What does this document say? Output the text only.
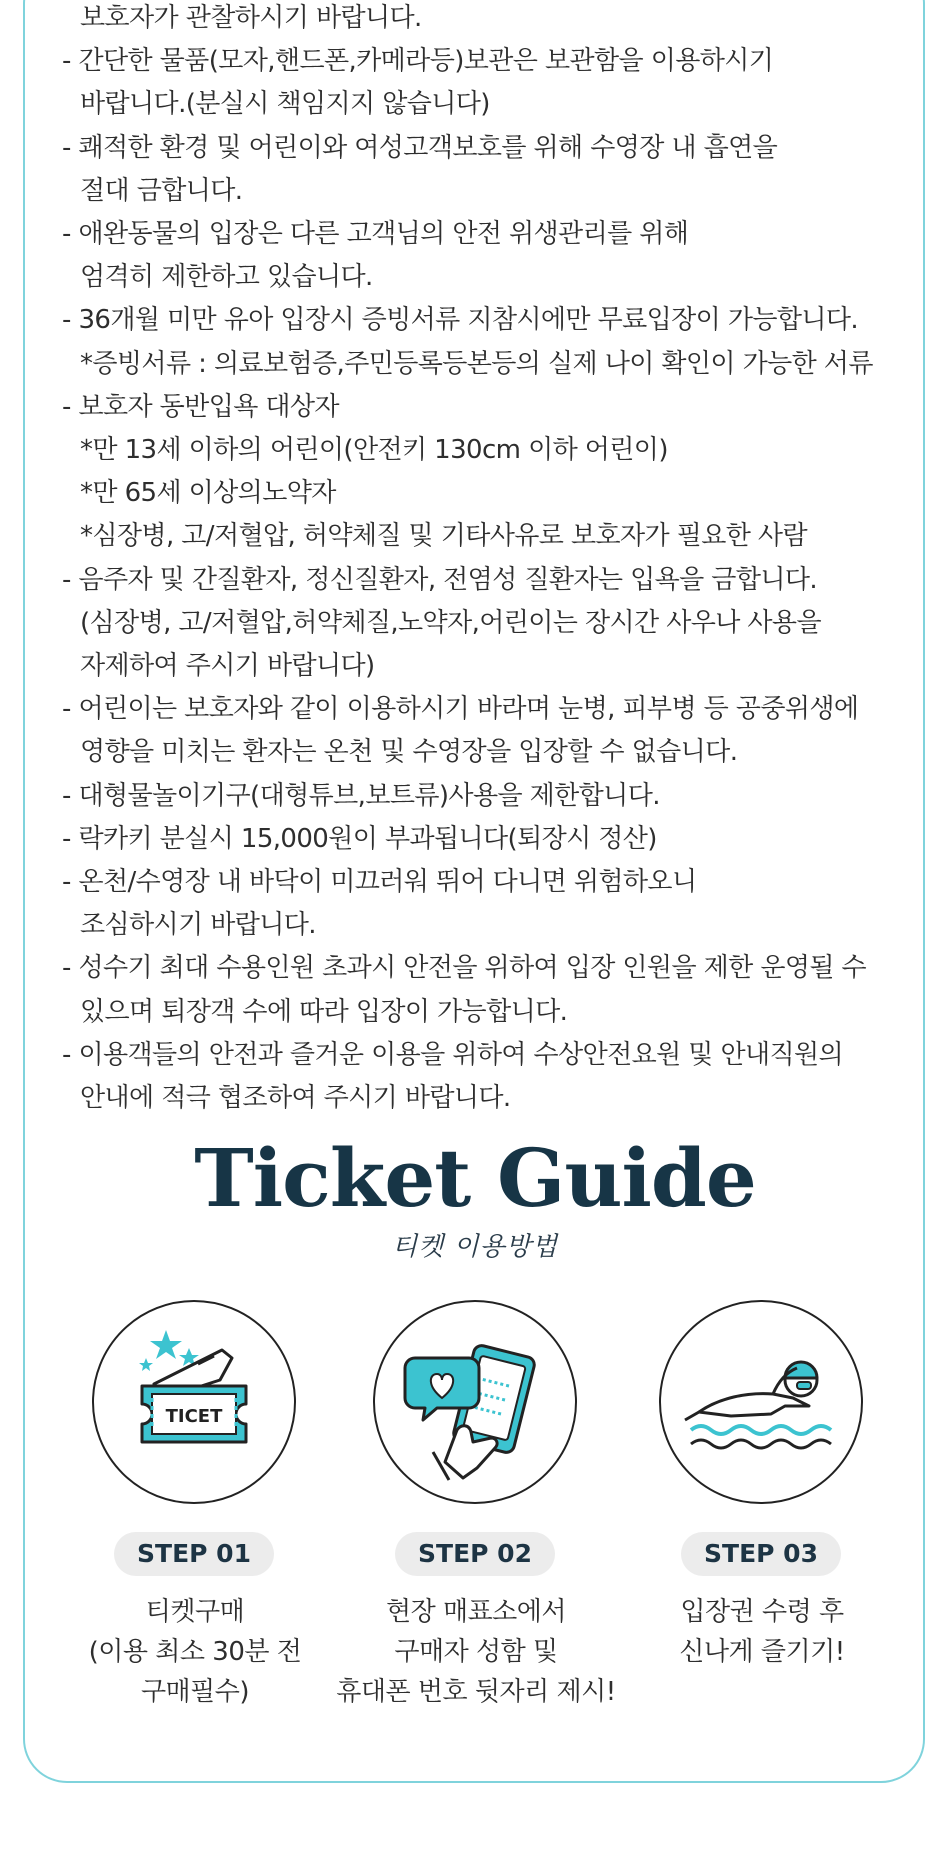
보호자가 관찰하시기 바랍니다.
- 간단한 물품(모자,핸드폰,카메라등)보관은 보관함을 이용하시기
바랍니다.(분실시 책임지지 않습니다)
- 쾌적한 환경 및 어린이와 여성고객보호를 위해 수영장 내 흡연을
절대 금합니다.
- 애완동물의 입장은 다른 고객님의 안전 위생관리를 위해
엄격히 제한하고 있습니다.
- 36개월 미만 유아 입장시 증빙서류 지참시에만 무료입장이 가능합니다.
*증빙서류 : 의료보험증,주민등록등본등의 실제 나이 확인이 가능한 서류
- 보호자 동반입욕 대상자
*만 13세 이하의 어린이(안전키 130cm 이하 어린이)
*만 65세 이상의노약자
*심장병, 고/저혈압, 허약체질 및 기타사유로 보호자가 필요한 사람
- 음주자 및 간질환자, 정신질환자, 전염성 질환자는 입욕을 금합니다.
(심장병, 고/저혈압,허약체질,노약자,어린이는 장시간 사우나 사용을
자제하여 주시기 바랍니다)
- 어린이는 보호자와 같이 이용하시기 바라며 눈병, 피부병 등 공중위생에
영향을 미치는 환자는 온천 및 수영장을 입장할 수 없습니다.
- 대형물놀이기구(대형튜브,보트류)사용을 제한합니다.
- 락카키 분실시 15,000원이 부과됩니다(퇴장시 정산)
- 온천/수영장 내 바닥이 미끄러워 뛰어 다니면 위험하오니
조심하시기 바랍니다.
- 성수기 최대 수용인원 초과시 안전을 위하여 입장 인원을 제한 운영될 수
있으며 퇴장객 수에 따라 입장이 가능합니다.
- 이용객들의 안전과 즐거운 이용을 위하여 수상안전요원 및 안내직원의
안내에 적극 협조하여 주시기 바랍니다.
Ticket Guide
티켓 이용방법
TICET
STEP 01
티켓구매
(이용 최소 30분 전
구매필수)
STEP 02
현장 매표소에서
구매자 성함 및
휴대폰 번호 뒷자리 제시!
STEP 03
입장권 수령 후
신나게 즐기기!
